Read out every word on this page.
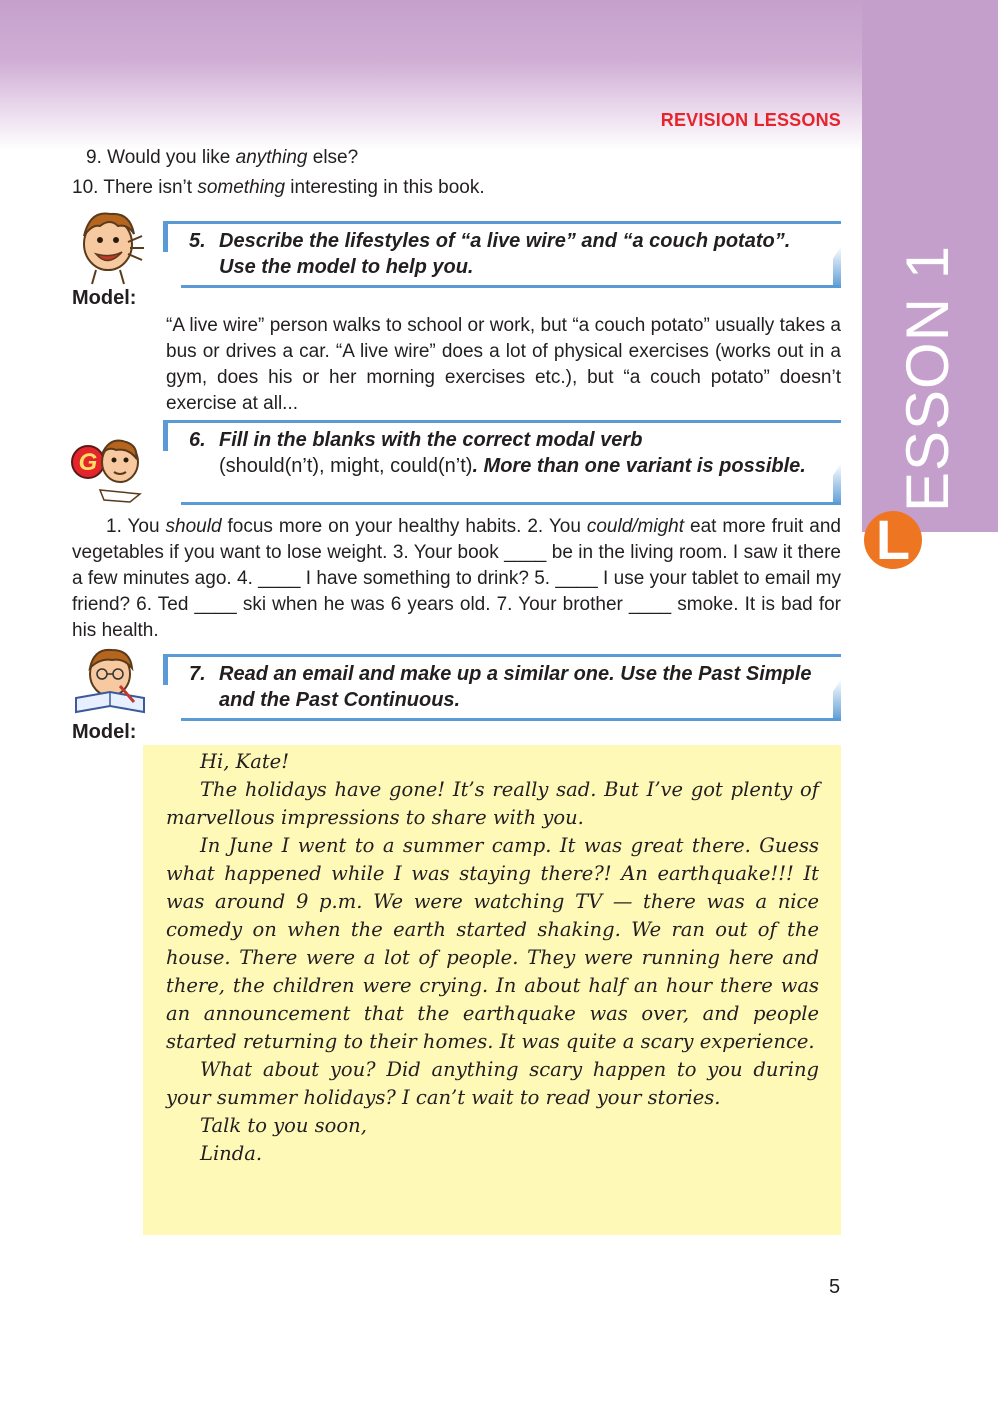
REVISION LESSONS
ESSON 1
L
9. Would you like anything else?
10. There isn’t something interesting in this book.
5. Describe the lifestyles of “a live wire” and “a couch potato”. Use the model to help you.
Model:
“A live wire” person walks to school or work, but “a couch potato” usually takes a bus or drives a car. “A live wire” does a lot of physical exercises (works out in a gym, does his or her morning exercises etc.), but “a couch potato” doesn’t exercise at all...
G
6. Fill in the blanks with the correct modal verb
(should(n’t), might, could(n’t). More than one variant is possible.
1. You should focus more on your healthy habits. 2. You could/might eat more fruit and vegetables if you want to lose weight. 3. Your book ____ be in the living room. I saw it there a few minutes ago. 4. ____ I have something to drink? 5. ____ I use your tablet to email my friend? 6. Ted ____ ski when he was 6 years old. 7. Your brother ____ smoke. It is bad for his health.
7. Read an email and make up a similar one. Use the Past Simple and the Past Continuous.
Model:

Hi, Kate!

The holidays have gone! It’s really sad. But I’ve got plenty of marvellous impressions to share with you.

In June I went to a summer camp. It was great there. Guess what happened while I was staying there?! An earthquake!!! It was around 9 p.m. We were watching TV — there was a nice comedy on when the earth started shaking. We ran out of the house. There were a lot of people. They were running here and there, the children were crying. In about half an hour there was an announcement that the earthquake was over, and people started returning to their homes. It was quite a scary experience.

What about you? Did anything scary happen to you during your summer holidays? I can’t wait to read your stories.

Talk to you soon,

Linda.

5
